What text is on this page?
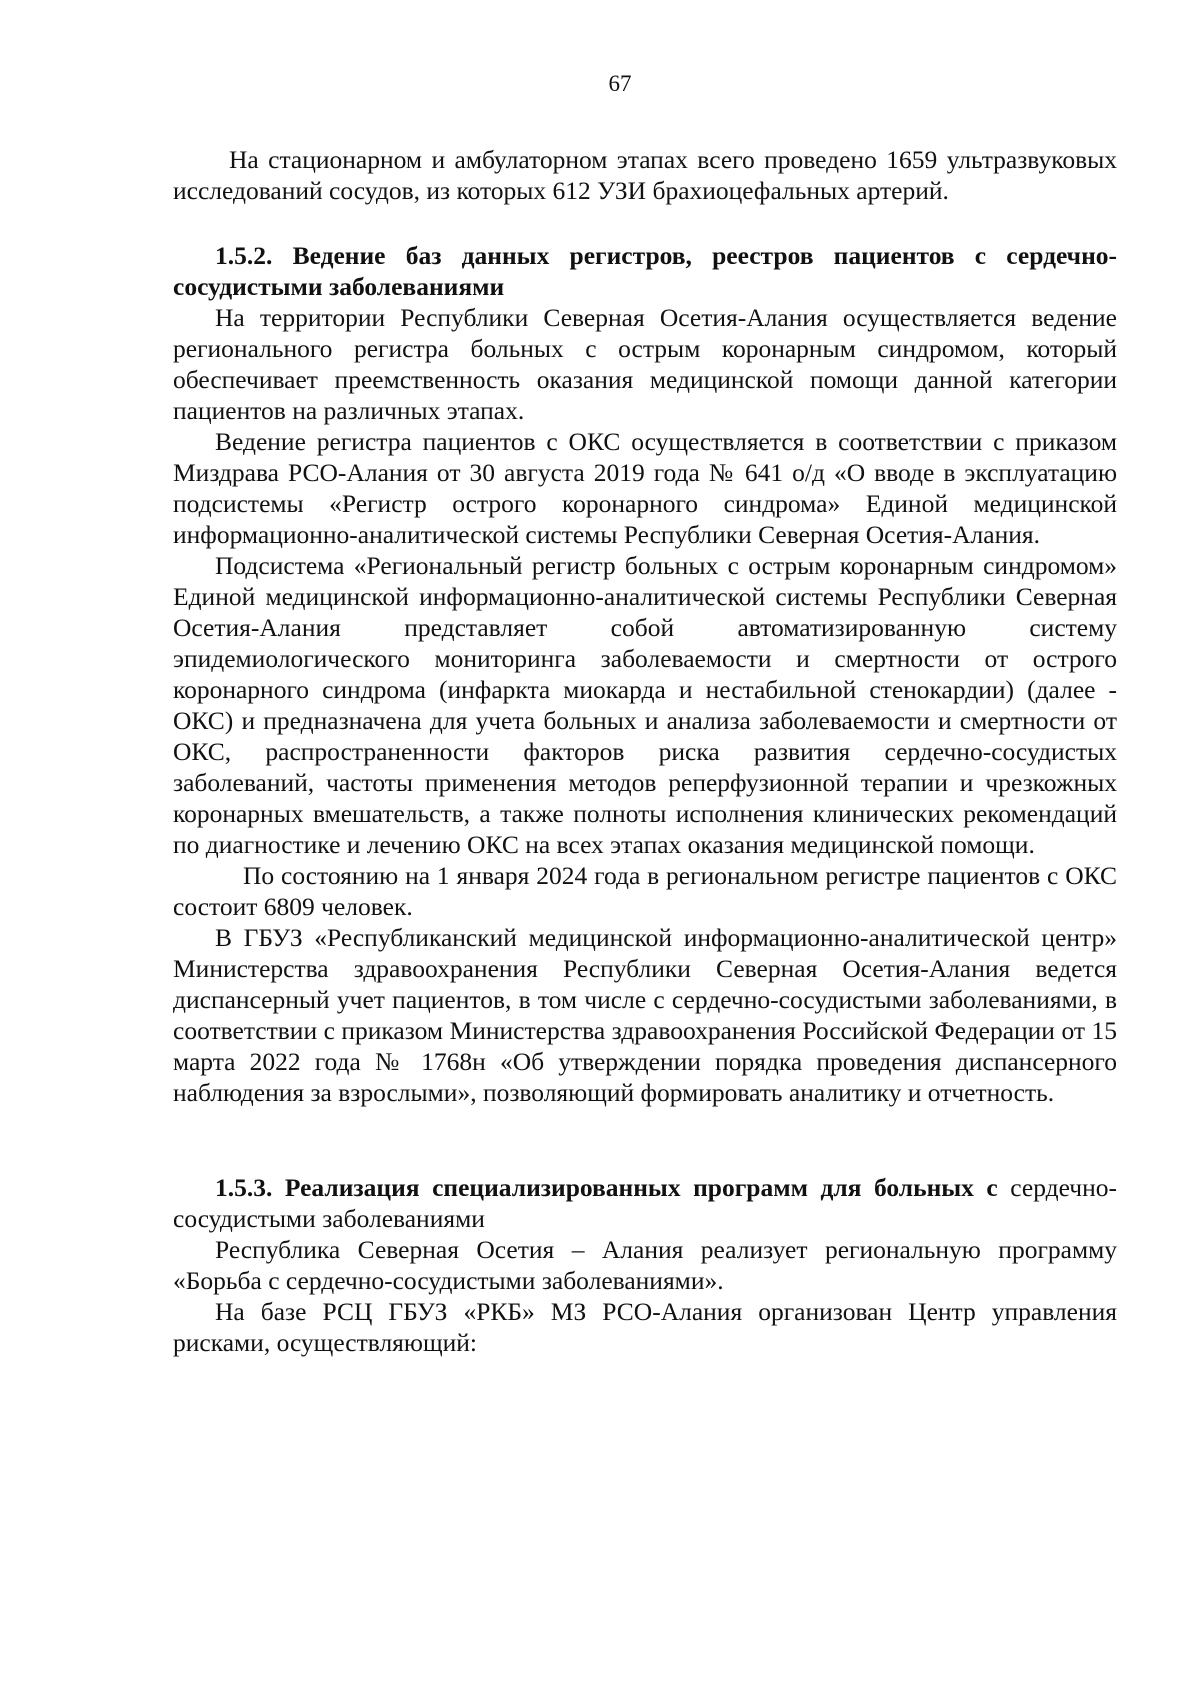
67

На стационарном и амбулаторном этапах всего проведено 1659 ультразвуковых исследований сосудов, из которых 612 УЗИ брахиоцефальных артерий.

1.5.2. Ведение баз данных регистров, реестров пациентов с сердечно-сосудистыми заболеваниями

На территории Республики Северная Осетия-Алания осуществляется ведение регионального регистра больных с острым коронарным синдромом, который обеспечивает преемственность оказания медицинской помощи данной категории пациентов на различных этапах.

Ведение регистра пациентов с ОКС осуществляется в соответствии с приказом Миздрава РСО-Алания от 30 августа 2019 года № 641 о/д «О вводе в эксплуатацию подсистемы «Регистр острого коронарного синдрома» Единой медицинской информационно-аналитической системы Республики Северная Осетия-Алания.

Подсистема «Региональный регистр больных с острым коронарным синдромом» Единой медицинской информационно-аналитической системы Республики Северная Осетия-Алания представляет собой автоматизированную систему эпидемиологического мониторинга заболеваемости и смертности от острого коронарного синдрома (инфаркта миокарда и нестабильной стенокардии) (далее - ОКС) и предназначена для учета больных и анализа заболеваемости и смертности от ОКС, распространенности факторов риска развития сердечно-сосудистых заболеваний, частоты применения методов реперфузионной терапии и чрезкожных коронарных вмешательств, а также полноты исполнения клинических рекомендаций по диагностике и лечению ОКС на всех этапах оказания медицинской помощи.

По состоянию на 1 января 2024 года в региональном регистре пациентов с ОКС состоит 6809 человек.

В ГБУЗ «Республиканский медицинской информационно-аналитической центр» Министерства здравоохранения Республики Северная Осетия-Алания ведется диспансерный учет пациентов, в том числе с сердечно-сосудистыми заболеваниями, в соответствии с приказом Министерства здравоохранения Российской Федерации от 15 марта 2022 года № 1768н «Об утверждении порядка проведения диспансерного наблюдения за взрослыми», позволяющий формировать аналитику и отчетность.

1.5.3. Реализация специализированных программ для больных с сердечно-сосудистыми заболеваниями

Республика Северная Осетия – Алания реализует региональную программу «Борьба с сердечно-сосудистыми заболеваниями».

На базе РСЦ ГБУЗ «РКБ» МЗ РСО-Алания организован Центр управления рисками, осуществляющий:
